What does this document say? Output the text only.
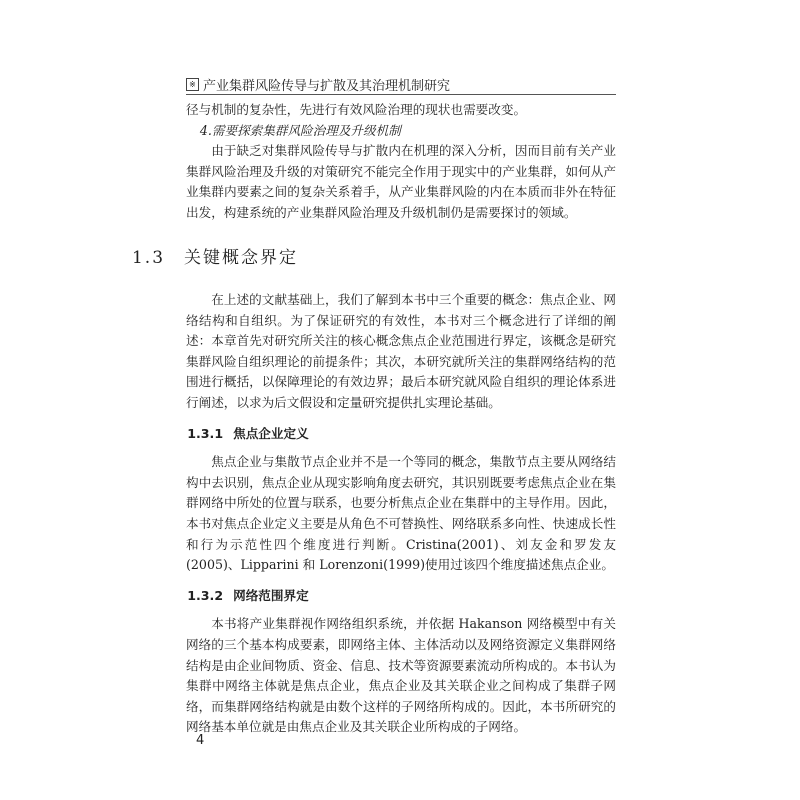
※ 产业集群风险传导与扩散及其治理机制研究

径与机制的复杂性，先进行有效风险治理的现状也需要改变。

4.需要探索集群风险治理及升级机制

由于缺乏对集群风险传导与扩散内在机理的深入分析，因而目前有关产业集群风险治理及升级的对策研究不能完全作用于现实中的产业集群，如何从产业集群内要素之间的复杂关系着手，从产业集群风险的内在本质而非外在特征出发，构建系统的产业集群风险治理及升级机制仍是需要探讨的领域。

1.3　关键概念界定

在上述的文献基础上，我们了解到本书中三个重要的概念：焦点企业、网络结构和自组织。为了保证研究的有效性，本书对三个概念进行了详细的阐述：本章首先对研究所关注的核心概念焦点企业范围进行界定，该概念是研究集群风险自组织理论的前提条件；其次，本研究就所关注的集群网络结构的范围进行概括，以保障理论的有效边界；最后本研究就风险自组织的理论体系进行阐述，以求为后文假设和定量研究提供扎实理论基础。

1.3.1 焦点企业定义

焦点企业与集散节点企业并不是一个等同的概念，集散节点主要从网络结构中去识别，焦点企业从现实影响角度去研究，其识别既要考虑焦点企业在集群网络中所处的位置与联系，也要分析焦点企业在集群中的主导作用。因此，本书对焦点企业定义主要是从角色不可替换性、网络联系多向性、快速成长性和行为示范性四个维度进行判断。Cristina(2001)、刘友金和罗发友(2005)、Lipparini 和 Lorenzoni(1999)使用过该四个维度描述焦点企业。

1.3.2 网络范围界定

本书将产业集群视作网络组织系统，并依据 Hakanson 网络模型中有关网络的三个基本构成要素，即网络主体、主体活动以及网络资源定义集群网络结构是由企业间物质、资金、信息、技术等资源要素流动所构成的。本书认为集群中网络主体就是焦点企业，焦点企业及其关联企业之间构成了集群子网络，而集群网络结构就是由数个这样的子网络所构成的。因此，本书所研究的网络基本单位就是由焦点企业及其关联企业所构成的子网络。

4
